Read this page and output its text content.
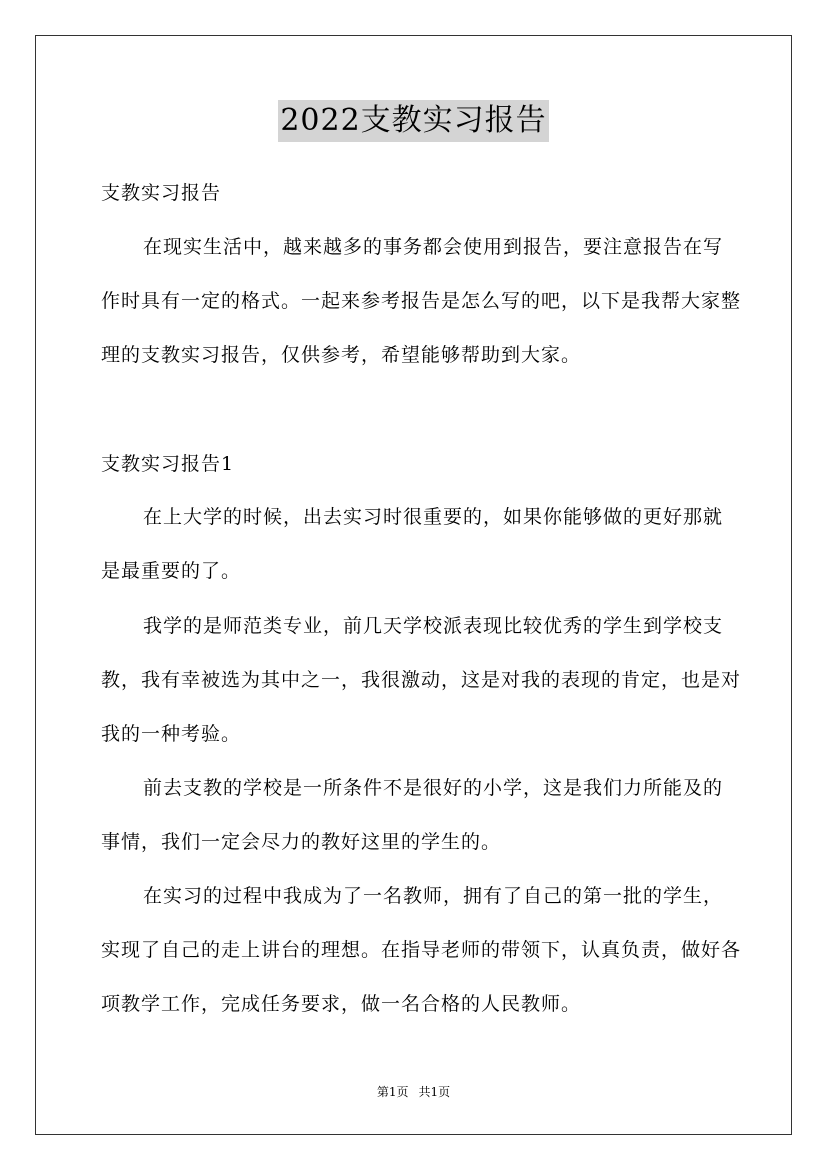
2022支教实习报告

支教实习报告

在现实生活中，越来越多的事务都会使用到报告，要注意报告在写作时具有一定的格式。一起来参考报告是怎么写的吧，以下是我帮大家整理的支教实习报告，仅供参考，希望能够帮助到大家。

支教实习报告1

在上大学的时候，出去实习时很重要的，如果你能够做的更好那就是最重要的了。

我学的是师范类专业，前几天学校派表现比较优秀的学生到学校支教，我有幸被选为其中之一，我很激动，这是对我的表现的肯定，也是对我的一种考验。

前去支教的学校是一所条件不是很好的小学，这是我们力所能及的事情，我们一定会尽力的教好这里的学生的。

在实习的过程中我成为了一名教师，拥有了自己的第一批的学生，实现了自己的走上讲台的理想。在指导老师的带领下，认真负责，做好各项教学工作，完成任务要求，做一名合格的人民教师。

第1页 共1页
